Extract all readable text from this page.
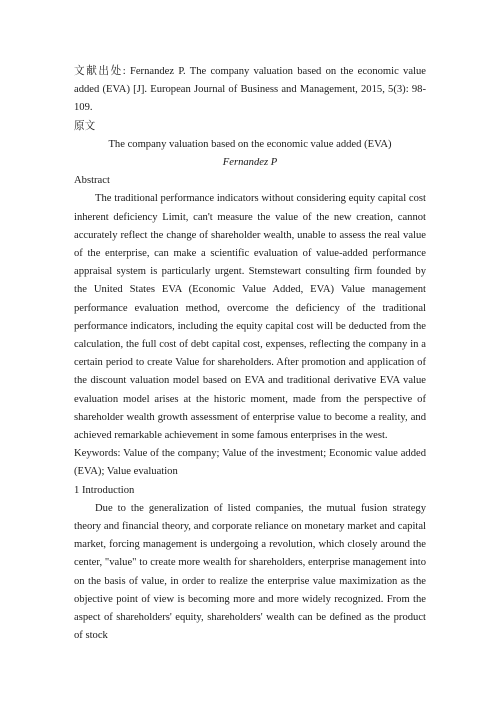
文献出处: Fernandez P. The company valuation based on the economic value added (EVA) [J]. European Journal of Business and Management, 2015, 5(3): 98-109.

原文

The company valuation based on the economic value added (EVA)

Fernandez P

Abstract

The traditional performance indicators without considering equity capital cost inherent deficiency Limit, can't measure the value of the new creation, cannot accurately reflect the change of shareholder wealth, unable to assess the real value of the enterprise, can make a scientific evaluation of value-added performance appraisal system is particularly urgent. Stemstewart consulting firm founded by the United States EVA (Economic Value Added, EVA) Value management performance evaluation method, overcome the deficiency of the traditional performance indicators, including the equity capital cost will be deducted from the calculation, the full cost of debt capital cost, expenses, reflecting the company in a certain period to create Value for shareholders. After promotion and application of the discount valuation model based on EVA and traditional derivative EVA value evaluation model arises at the historic moment, made from the perspective of shareholder wealth growth assessment of enterprise value to become a reality, and achieved remarkable achievement in some famous enterprises in the west.

Keywords: Value of the company; Value of the investment; Economic value added (EVA); Value evaluation

1 Introduction

Due to the generalization of listed companies, the mutual fusion strategy theory and financial theory, and corporate reliance on monetary market and capital market, forcing management is undergoing a revolution, which closely around the center, "value" to create more wealth for shareholders, enterprise management into on the basis of value, in order to realize the enterprise value maximization as the objective point of view is becoming more and more widely recognized. From the aspect of shareholders' equity, shareholders' wealth can be defined as the product of stock
